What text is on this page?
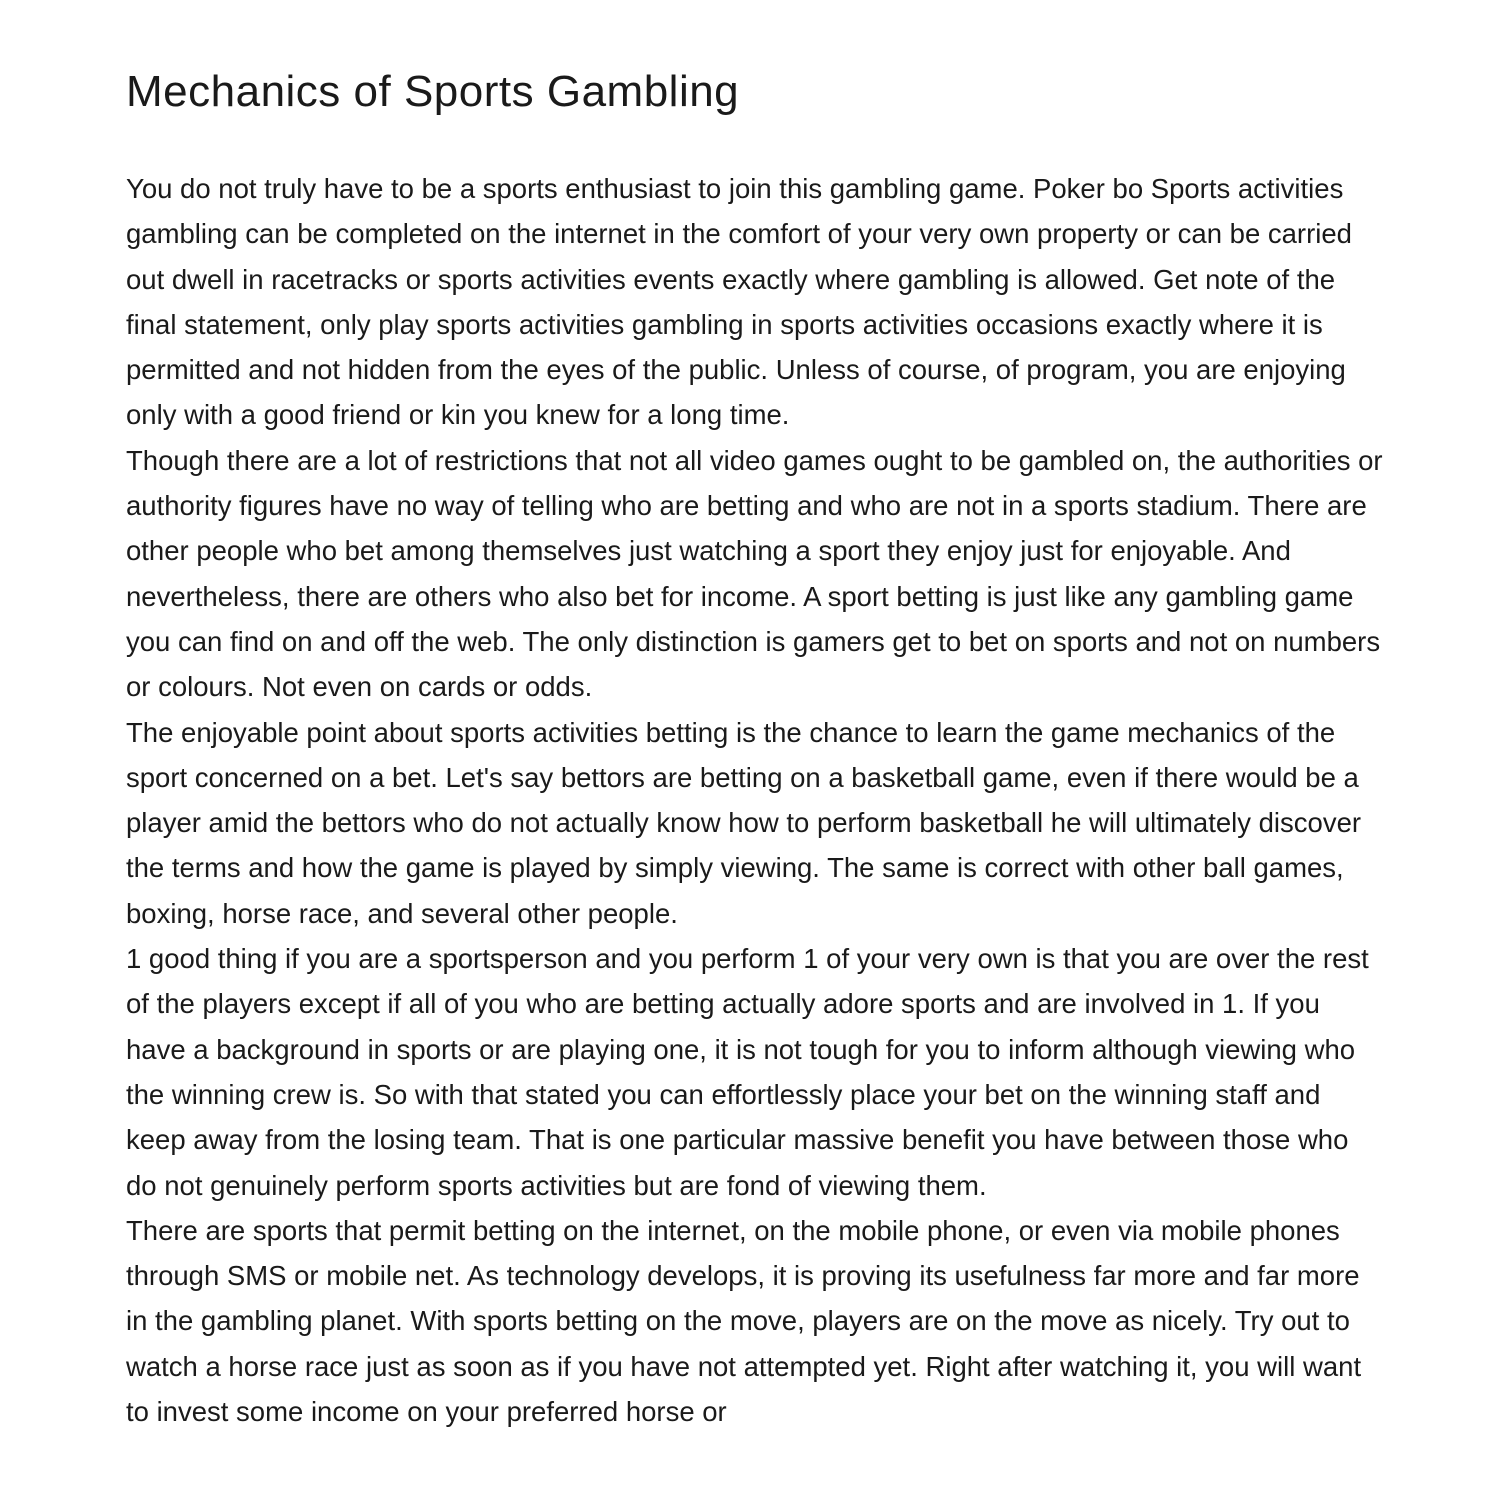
Mechanics of Sports Gambling

You do not truly have to be a sports enthusiast to join this gambling game. Poker bo Sports activities gambling can be completed on the internet in the comfort of your very own property or can be carried out dwell in racetracks or sports activities events exactly where gambling is allowed. Get note of the final statement, only play sports activities gambling in sports activities occasions exactly where it is permitted and not hidden from the eyes of the public. Unless of course, of program, you are enjoying only with a good friend or kin you knew for a long time.

Though there are a lot of restrictions that not all video games ought to be gambled on, the authorities or authority figures have no way of telling who are betting and who are not in a sports stadium. There are other people who bet among themselves just watching a sport they enjoy just for enjoyable. And nevertheless, there are others who also bet for income. A sport betting is just like any gambling game you can find on and off the web. The only distinction is gamers get to bet on sports and not on numbers or colours. Not even on cards or odds.

The enjoyable point about sports activities betting is the chance to learn the game mechanics of the sport concerned on a bet. Let's say bettors are betting on a basketball game, even if there would be a player amid the bettors who do not actually know how to perform basketball he will ultimately discover the terms and how the game is played by simply viewing. The same is correct with other ball games, boxing, horse race, and several other people.

1 good thing if you are a sportsperson and you perform 1 of your very own is that you are over the rest of the players except if all of you who are betting actually adore sports and are involved in 1. If you have a background in sports or are playing one, it is not tough for you to inform although viewing who the winning crew is. So with that stated you can effortlessly place your bet on the winning staff and keep away from the losing team. That is one particular massive benefit you have between those who do not genuinely perform sports activities but are fond of viewing them.

There are sports that permit betting on the internet, on the mobile phone, or even via mobile phones through SMS or mobile net. As technology develops, it is proving its usefulness far more and far more in the gambling planet. With sports betting on the move, players are on the move as nicely. Try out to watch a horse race just as soon as if you have not attempted yet. Right after watching it, you will want to invest some income on your preferred horse or
